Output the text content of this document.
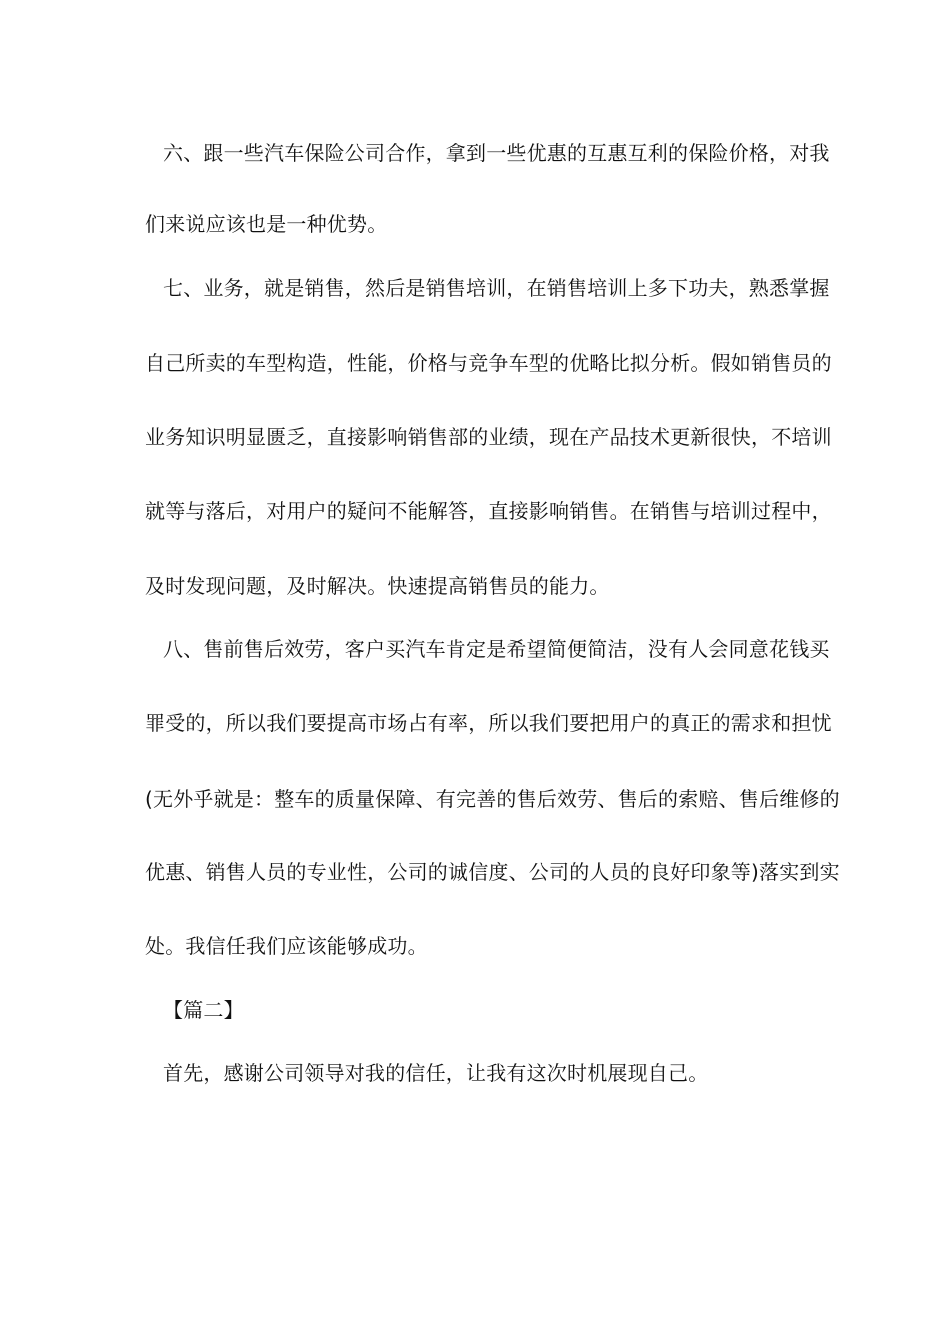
六、跟一些汽车保险公司合作，拿到一些优惠的互惠互利的保险价格，对我
们来说应该也是一种优势。
七、业务，就是销售，然后是销售培训，在销售培训上多下功夫，熟悉掌握
自己所卖的车型构造，性能，价格与竞争车型的优略比拟分析。假如销售员的
业务知识明显匮乏，直接影响销售部的业绩，现在产品技术更新很快，不培训
就等与落后，对用户的疑问不能解答，直接影响销售。在销售与培训过程中，
及时发现问题，及时解决。快速提高销售员的能力。
八、售前售后效劳，客户买汽车肯定是希望简便简洁，没有人会同意花钱买
罪受的，所以我们要提高市场占有率，所以我们要把用户的真正的需求和担忧
(无外乎就是：整车的质量保障、有完善的售后效劳、售后的索赔、售后维修的
优惠、销售人员的专业性，公司的诚信度、公司的人员的良好印象等)落实到实
处。我信任我们应该能够成功。
【篇二】
首先，感谢公司领导对我的信任，让我有这次时机展现自己。
